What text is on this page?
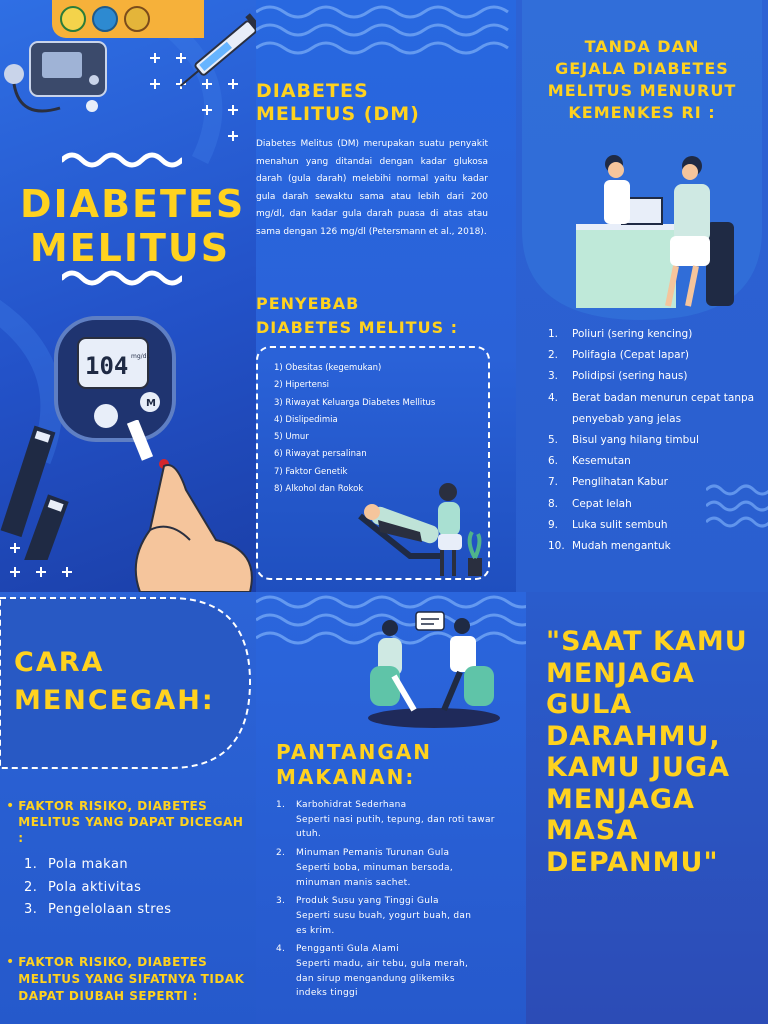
DIABETES
MELITUS
104 mg/dL
M
DIABETES
MELITUS (DM)

Diabetes Melitus (DM) merupakan suatu penyakit menahun yang ditandai dengan kadar glukosa darah (gula darah) melebihi normal yaitu kadar gula darah sewaktu sama atau lebih dari 200 mg/dl, dan kadar gula darah puasa di atas atau sama dengan 126 mg/dl (Petersmann et al., 2018).

PENYEBAB
DIABETES MELITUS :
1) Obesitas (kegemukan)
2) Hipertensi
3) Riwayat Keluarga Diabetes Mellitus
4) Dislipedimia
5) Umur
6) Riwayat persalinan
7) Faktor Genetik
8) Alkohol dan Rokok
TANDA DAN
GEJALA DIABETES
MELITUS MENURUT
KEMENKES RI :
1.	Poliuri (sering kencing)
2.	Polifagia (Cepat lapar)
3.	Polidipsi (sering haus)
4.	Berat badan menurun cepat tanpa penyebab yang jelas
5.	Bisul yang hilang timbul
6.	Kesemutan
7.	Penglihatan Kabur
8.	Cepat lelah
9.	Luka sulit sembuh
10. Mudah mengantuk
CARA
MENCEGAH:
• FAKTOR RISIKO, DIABETES MELITUS YANG DAPAT DICEGAH :
1. Pola makan
2. Pola aktivitas
3. Pengelolaan stres
• FAKTOR RISIKO, DIABETES MELITUS YANG SIFATNYA TIDAK DAPAT DIUBAH SEPERTI :
PANTANGAN
MAKANAN:
1.	Karbohidrat Sederhana
Seperti nasi putih, tepung, dan roti tawar utuh.
2.	Minuman Pemanis Turunan Gula
Seperti boba, minuman bersoda, minuman manis sachet.
3.	Produk Susu yang Tinggi Gula
Seperti susu buah, yogurt buah, dan es krim.
4.	Pengganti Gula Alami
Seperti madu, air tebu, gula merah, dan sirup mengandung glikemiks indeks tinggi
"SAAT KAMU MENJAGA GULA DARAHMU, KAMU JUGA MENJAGA MASA DEPANMU"
